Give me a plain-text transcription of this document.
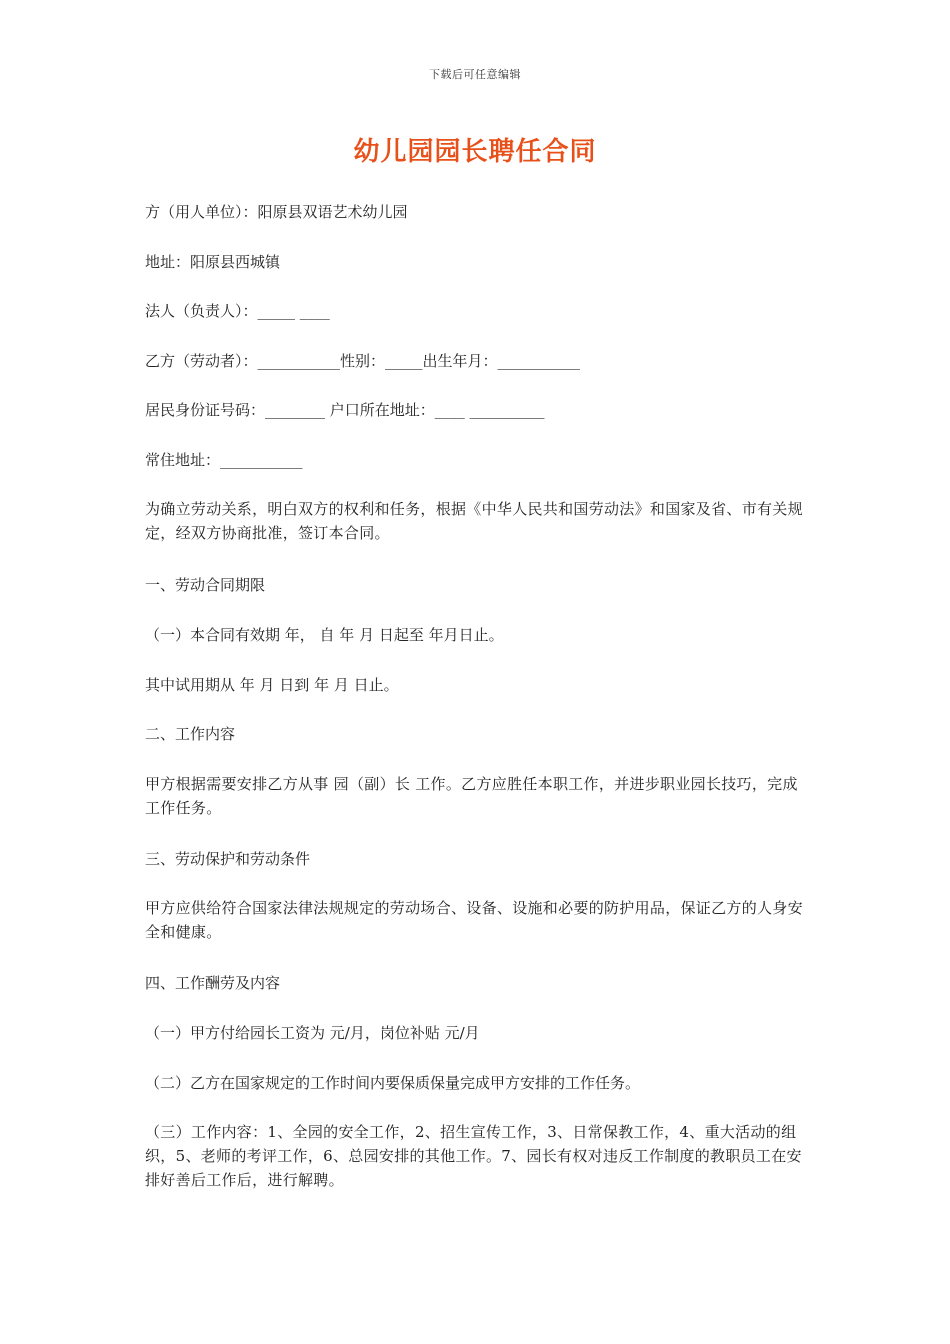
下载后可任意编辑
幼儿园园长聘任合同
方（用人单位）：阳原县双语艺术幼儿园
地址：阳原县西城镇
法人（负责人）：_____ ____
乙方（劳动者）：___________性别：_____出生年月：___________
居民身份证号码：________ 户口所在地址：____ __________
常住地址：___________
为确立劳动关系，明白双方的权利和任务，根据《中华人民共和国劳动法》和国家及省、市有关规定，经双方协商批准，签订本合同。
一、劳动合同期限
（一）本合同有效期 年， 自 年 月 日起至 年月日止。
其中试用期从 年 月 日到 年 月 日止。
二、工作内容
甲方根据需要安排乙方从事 园（副）长 工作。乙方应胜任本职工作，并进步职业园长技巧，完成工作任务。
三、劳动保护和劳动条件
甲方应供给符合国家法律法规规定的劳动场合、设备、设施和必要的防护用品，保证乙方的人身安全和健康。
四、工作酬劳及内容
（一）甲方付给园长工资为 元/月，岗位补贴 元/月
（二）乙方在国家规定的工作时间内要保质保量完成甲方安排的工作任务。
（三）工作内容：1、全园的安全工作，2、招生宣传工作，3、日常保教工作，4、重大活动的组织，5、老师的考评工作，6、总园安排的其他工作。7、园长有权对违反工作制度的教职员工在安排好善后工作后，进行解聘。
